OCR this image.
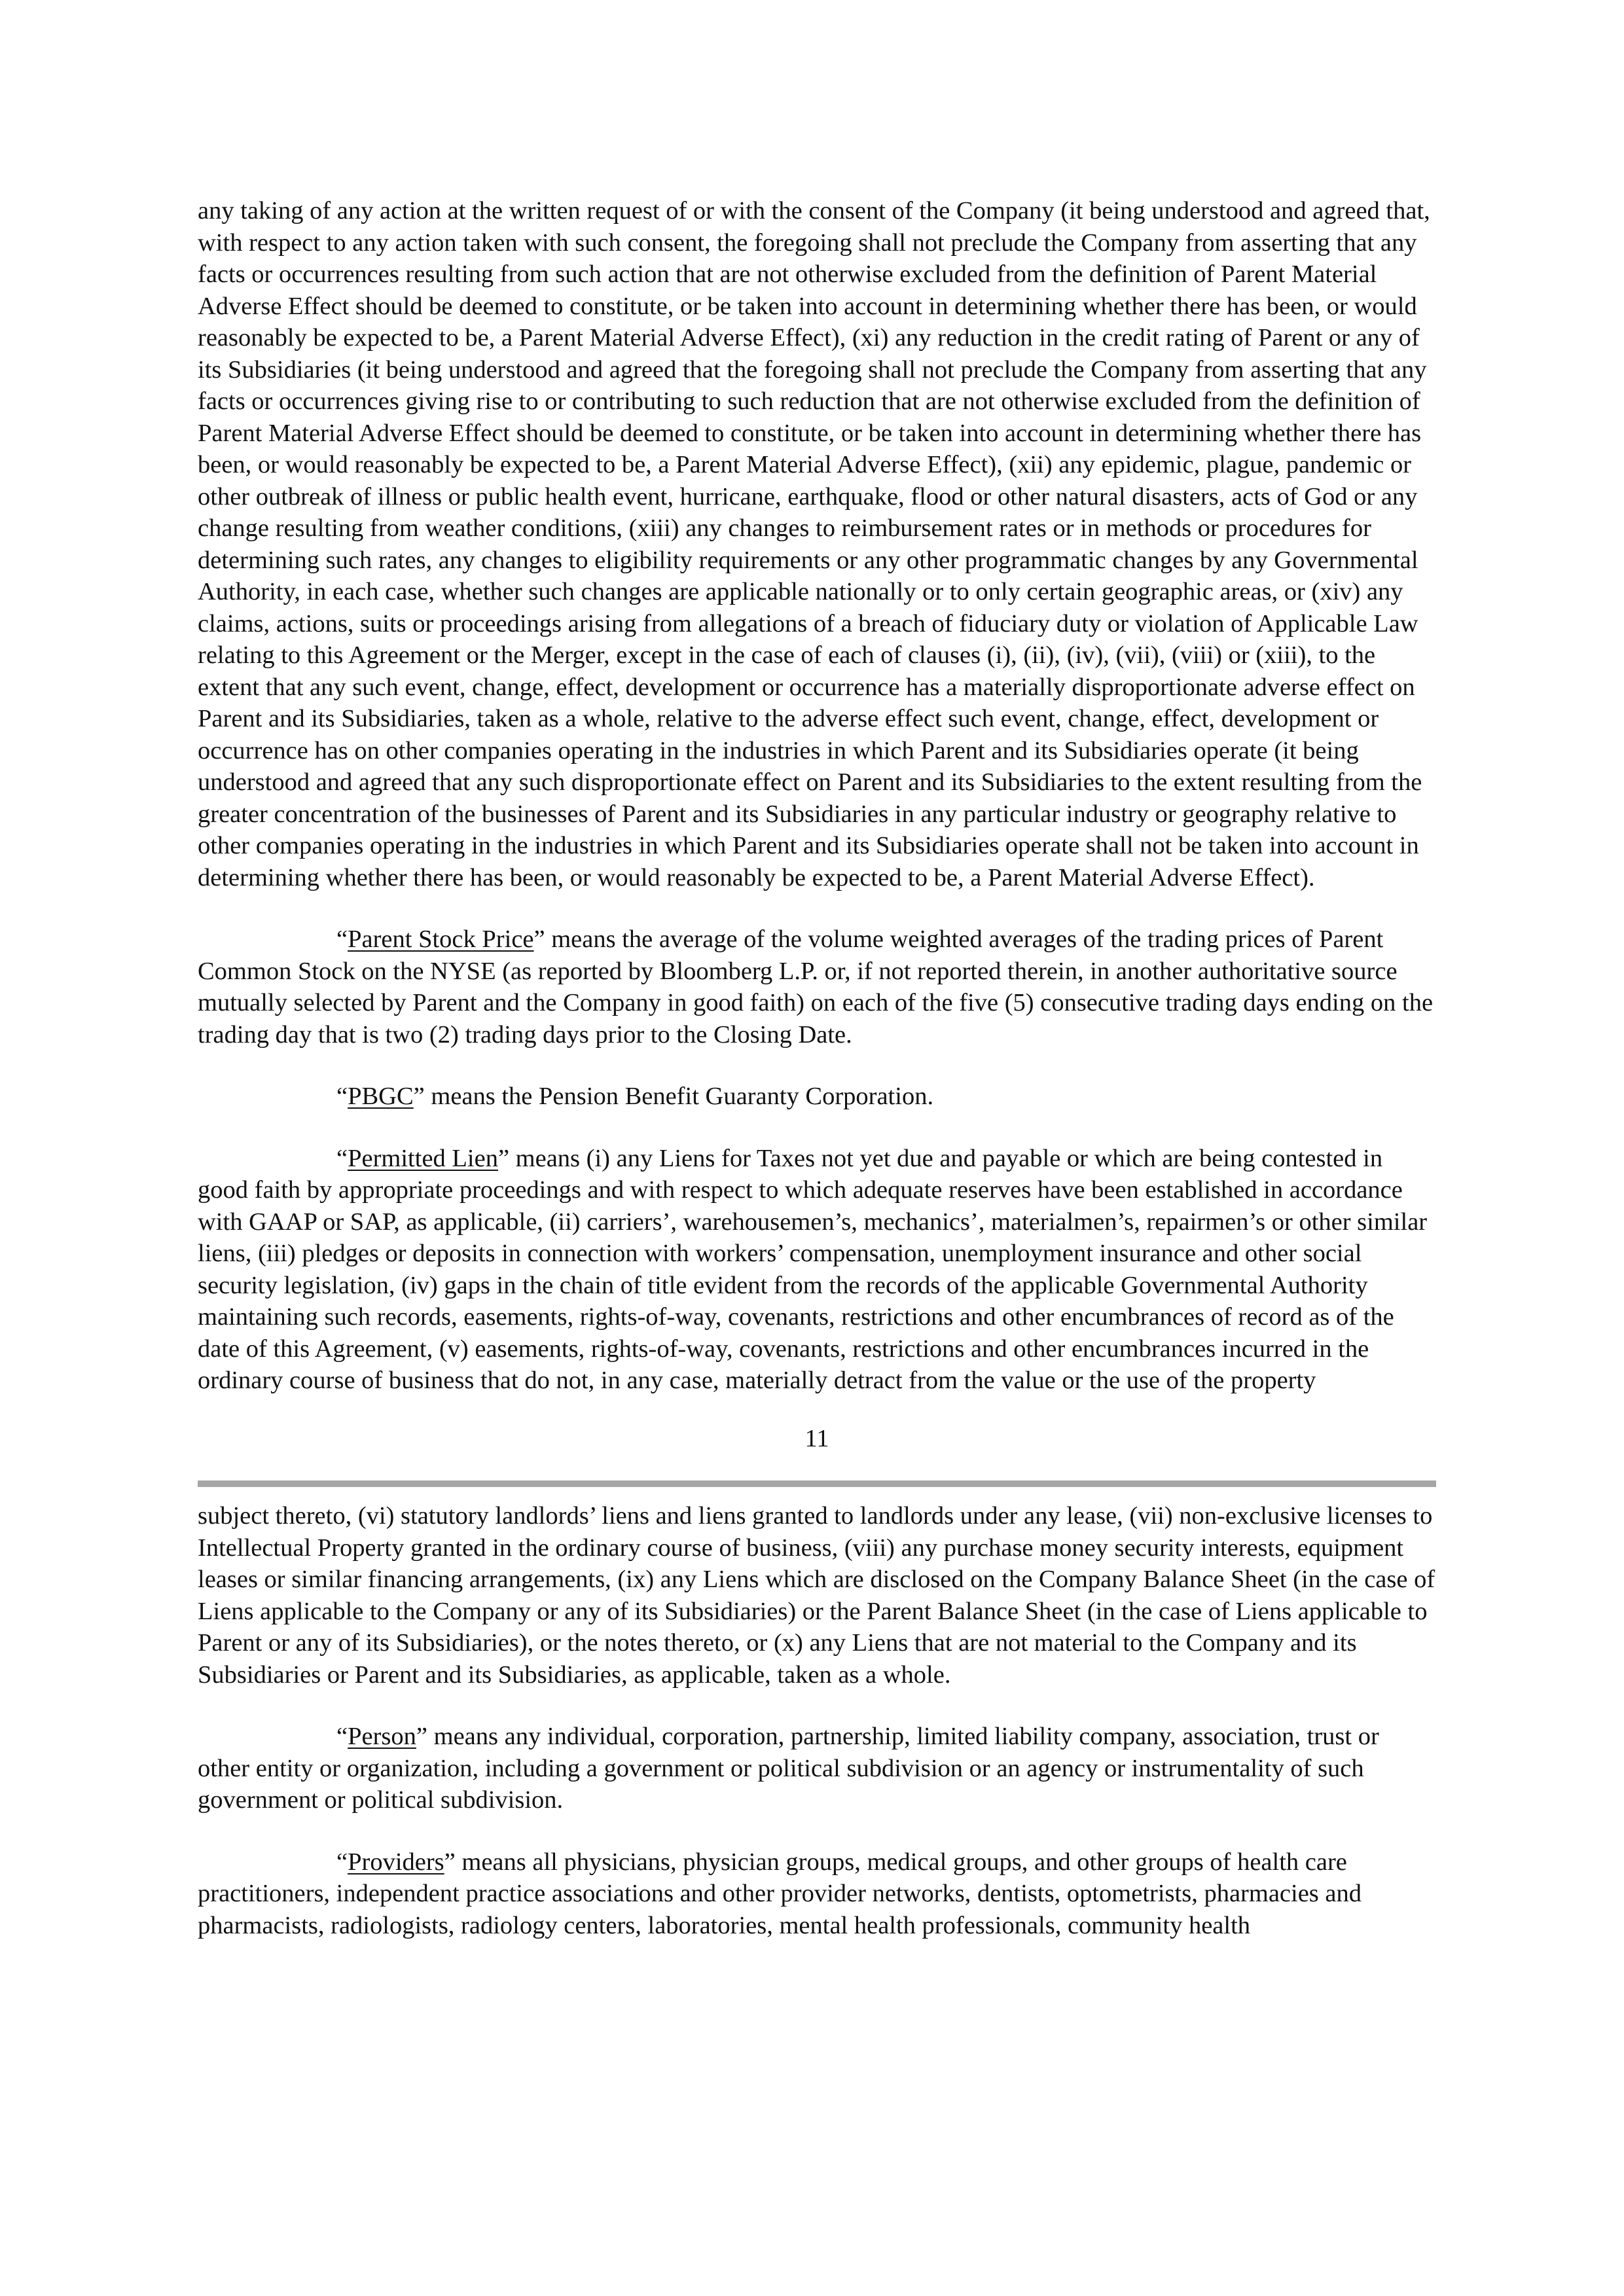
any taking of any action at the written request of or with the consent of the Company (it being understood and agreed that, with respect to any action taken with such consent, the foregoing shall not preclude the Company from asserting that any facts or occurrences resulting from such action that are not otherwise excluded from the definition of Parent Material Adverse Effect should be deemed to constitute, or be taken into account in determining whether there has been, or would reasonably be expected to be, a Parent Material Adverse Effect), (xi) any reduction in the credit rating of Parent or any of its Subsidiaries (it being understood and agreed that the foregoing shall not preclude the Company from asserting that any facts or occurrences giving rise to or contributing to such reduction that are not otherwise excluded from the definition of Parent Material Adverse Effect should be deemed to constitute, or be taken into account in determining whether there has been, or would reasonably be expected to be, a Parent Material Adverse Effect), (xii) any epidemic, plague, pandemic or other outbreak of illness or public health event, hurricane, earthquake, flood or other natural disasters, acts of God or any change resulting from weather conditions, (xiii) any changes to reimbursement rates or in methods or procedures for determining such rates, any changes to eligibility requirements or any other programmatic changes by any Governmental Authority, in each case, whether such changes are applicable nationally or to only certain geographic areas, or (xiv) any claims, actions, suits or proceedings arising from allegations of a breach of fiduciary duty or violation of Applicable Law relating to this Agreement or the Merger, except in the case of each of clauses (i), (ii), (iv), (vii), (viii) or (xiii), to the extent that any such event, change, effect, development or occurrence has a materially disproportionate adverse effect on Parent and its Subsidiaries, taken as a whole, relative to the adverse effect such event, change, effect, development or occurrence has on other companies operating in the industries in which Parent and its Subsidiaries operate (it being understood and agreed that any such disproportionate effect on Parent and its Subsidiaries to the extent resulting from the greater concentration of the businesses of Parent and its Subsidiaries in any particular industry or geography relative to other companies operating in the industries in which Parent and its Subsidiaries operate shall not be taken into account in determining whether there has been, or would reasonably be expected to be, a Parent Material Adverse Effect).

“Parent Stock Price” means the average of the volume weighted averages of the trading prices of Parent Common Stock on the NYSE (as reported by Bloomberg L.P. or, if not reported therein, in another authoritative source mutually selected by Parent and the Company in good faith) on each of the five (5) consecutive trading days ending on the trading day that is two (2) trading days prior to the Closing Date.

“PBGC” means the Pension Benefit Guaranty Corporation.

“Permitted Lien” means (i) any Liens for Taxes not yet due and payable or which are being contested in good faith by appropriate proceedings and with respect to which adequate reserves have been established in accordance with GAAP or SAP, as applicable, (ii) carriers’, warehousemen’s, mechanics’, materialmen’s, repairmen’s or other similar liens, (iii) pledges or deposits in connection with workers’ compensation, unemployment insurance and other social security legislation, (iv) gaps in the chain of title evident from the records of the applicable Governmental Authority maintaining such records, easements, rights-of-way, covenants, restrictions and other encumbrances of record as of the date of this Agreement, (v) easements, rights-of-way, covenants, restrictions and other encumbrances incurred in the ordinary course of business that do not, in any case, materially detract from the value or the use of the property

11

subject thereto, (vi) statutory landlords’ liens and liens granted to landlords under any lease, (vii) non-exclusive licenses to Intellectual Property granted in the ordinary course of business, (viii) any purchase money security interests, equipment leases or similar financing arrangements, (ix) any Liens which are disclosed on the Company Balance Sheet (in the case of Liens applicable to the Company or any of its Subsidiaries) or the Parent Balance Sheet (in the case of Liens applicable to Parent or any of its Subsidiaries), or the notes thereto, or (x) any Liens that are not material to the Company and its Subsidiaries or Parent and its Subsidiaries, as applicable, taken as a whole.

“Person” means any individual, corporation, partnership, limited liability company, association, trust or other entity or organization, including a government or political subdivision or an agency or instrumentality of such government or political subdivision.

“Providers” means all physicians, physician groups, medical groups, and other groups of health care practitioners, independent practice associations and other provider networks, dentists, optometrists, pharmacies and pharmacists, radiologists, radiology centers, laboratories, mental health professionals, community health
